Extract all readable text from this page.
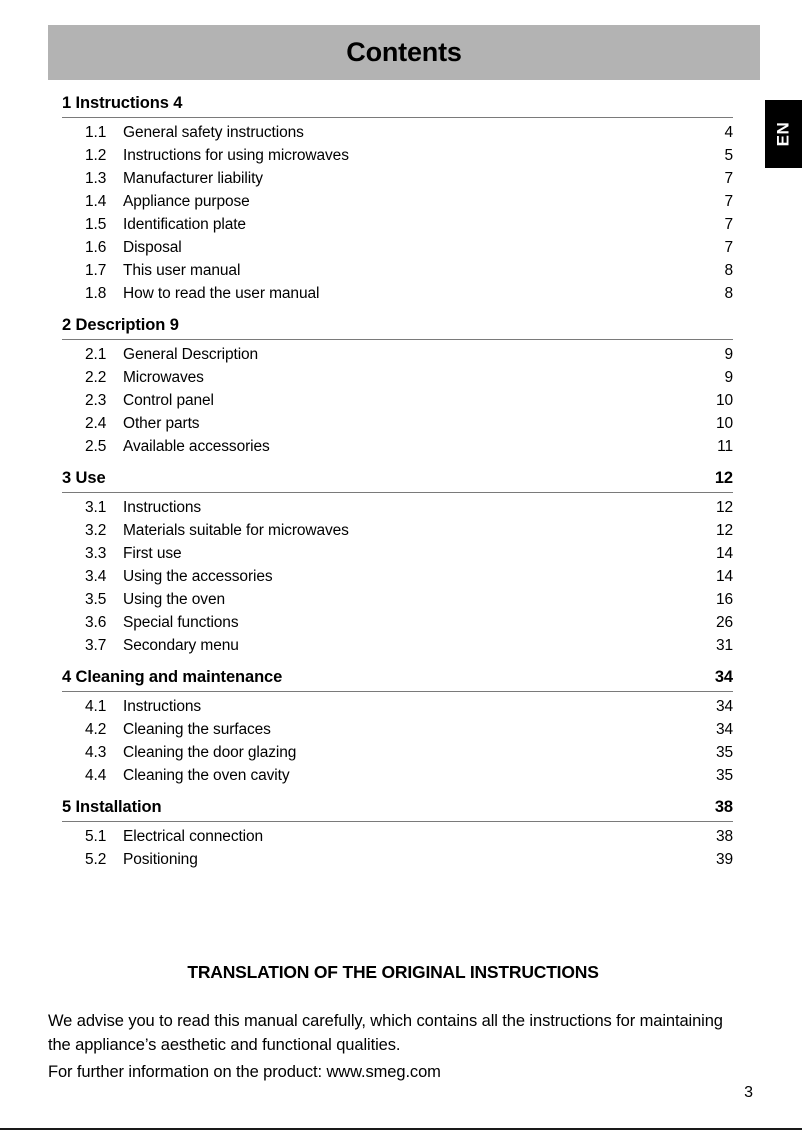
Contents
EN
1 Instructions 4
1.1	General safety instructions	4
1.2	Instructions for using microwaves	5
1.3	Manufacturer liability	7
1.4	Appliance purpose	7
1.5	Identification plate	7
1.6	Disposal	7
1.7	This user manual	8
1.8	How to read the user manual	8
2 Description 9
2.1	General Description	9
2.2	Microwaves	9
2.3	Control panel	10
2.4	Other parts	10
2.5	Available accessories	11
3 Use	12
3.1	Instructions	12
3.2	Materials suitable for microwaves	12
3.3	First use	14
3.4	Using the accessories	14
3.5	Using the oven	16
3.6	Special functions	26
3.7	Secondary menu	31
4 Cleaning and maintenance	34
4.1	Instructions	34
4.2	Cleaning the surfaces	34
4.3	Cleaning the door glazing	35
4.4	Cleaning the oven cavity	35
5 Installation	38
5.1	Electrical connection	38
5.2	Positioning	39
TRANSLATION OF THE ORIGINAL INSTRUCTIONS
We advise you to read this manual carefully, which contains all the instructions for maintaining the appliance’s aesthetic and functional qualities.
For further information on the product: www.smeg.com
3
